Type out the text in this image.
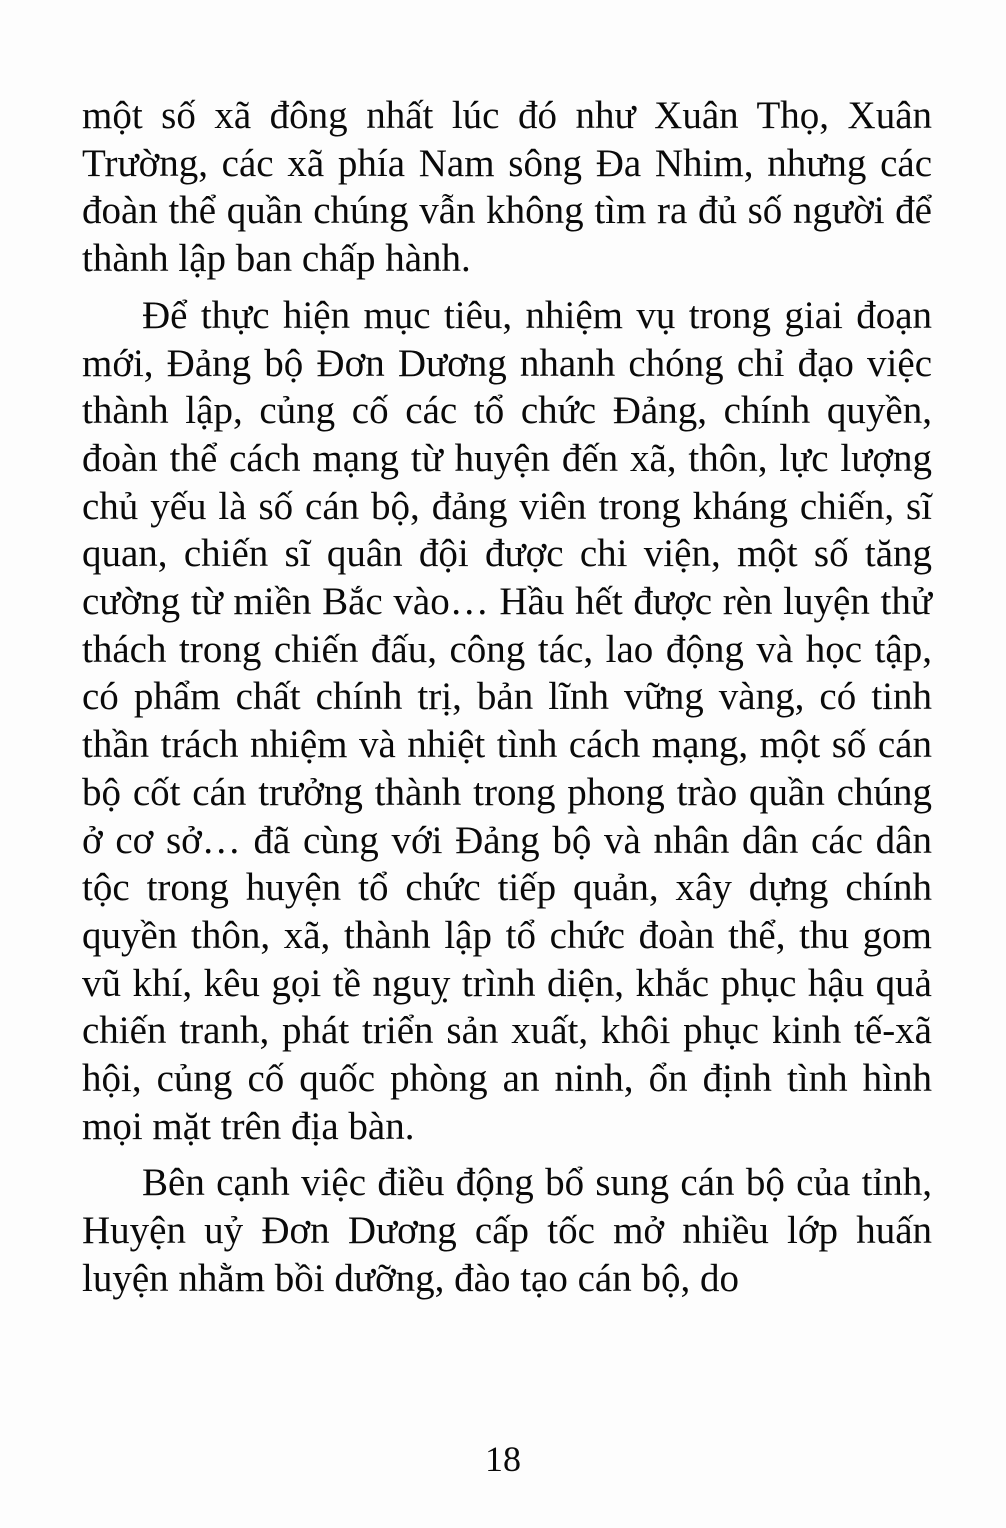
một số xã đông nhất lúc đó như Xuân Thọ, Xuân Trường, các xã phía Nam sông Đa Nhim, nhưng các đoàn thể quần chúng vẫn không tìm ra đủ số người để thành lập ban chấp hành.

Để thực hiện mục tiêu, nhiệm vụ trong giai đoạn mới, Đảng bộ Đơn Dương nhanh chóng chỉ đạo việc thành lập, củng cố các tổ chức Đảng, chính quyền, đoàn thể cách mạng từ huyện đến xã, thôn, lực lượng chủ yếu là số cán bộ, đảng viên trong kháng chiến, sĩ quan, chiến sĩ quân đội được chi viện, một số tăng cường từ miền Bắc vào… Hầu hết được rèn luyện thử thách trong chiến đấu, công tác, lao động và học tập, có phẩm chất chính trị, bản lĩnh vững vàng, có tinh thần trách nhiệm và nhiệt tình cách mạng, một số cán bộ cốt cán trưởng thành trong phong trào quần chúng ở cơ sở… đã cùng với Đảng bộ và nhân dân các dân tộc trong huyện tổ chức tiếp quản, xây dựng chính quyền thôn, xã, thành lập tổ chức đoàn thể, thu gom vũ khí, kêu gọi tề nguỵ trình diện, khắc phục hậu quả chiến tranh, phát triển sản xuất, khôi phục kinh tế-xã hội, củng cố quốc phòng an ninh, ổn định tình hình mọi mặt trên địa bàn.

Bên cạnh việc điều động bổ sung cán bộ của tỉnh, Huyện uỷ Đơn Dương cấp tốc mở nhiều lớp huấn luyện nhằm bồi dưỡng, đào tạo cán bộ, do

18
